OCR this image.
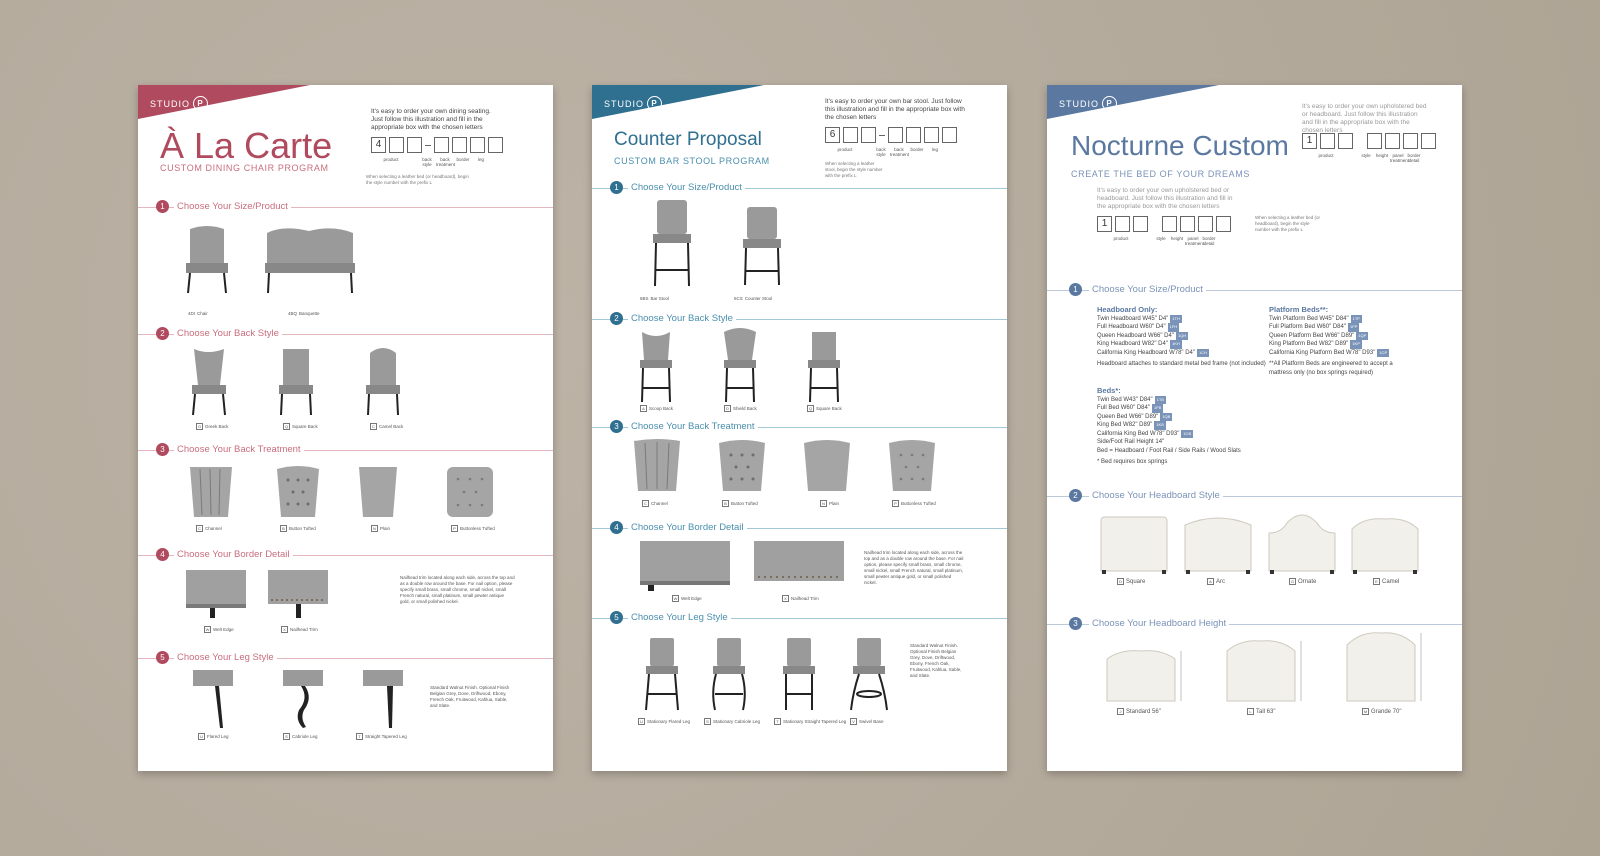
STUDIO P
À La Carte
CUSTOM DINING CHAIR PROGRAM
It's easy to order your own dining seating. Just follow this illustration and fill in the appropriate box with the chosen letters
4
product	back style
back treatment
border	leg
When selecting a leather bed (or headboard), begin the style number with the prefix L
1	Choose Your Size/Product
2	Choose Your Back Style
3	Choose Your Back Treatment
4	Choose Your Border Detail
5	Choose Your Leg Style
4DI Chair	4BQ Banquette
G Greek Back	Q Square Back	C Camel Back
C Channel	B Button Tufted	N Plain	P Buttonless Tufted
W Welt Edge	X Nailhead Trim
Nailhead trim located along each side, across the top and as a double row around the base. For nail option, please specify small brass, small chrome, small nickel, small French natural, small platinum, small pewter antique gold, or small polished nickel.
U Flared Leg	S Cabriole Leg	T Straight Tapered Leg
Standard Walnut Finish. Optional Finish Belgian Grey, Dove, Driftwood, Ebony, French Oak, Fruitwood, Kahlua, Sable, and Slate.
STUDIO P
Counter Proposal
CUSTOM BAR STOOL PROGRAM
It's easy to order your own bar stool. Just follow this illustration and fill in the appropriate box with the chosen letters
6
product	back style
back treatment
border	leg
When selecting a leather stool, begin the style number with the prefix L
1	Choose Your Size/Product
2	Choose Your Back Style
3	Choose Your Back Treatment
4	Choose Your Border Detail
5	Choose Your Leg Style
6BS Bar Stool	6CS Counter Stool
A Scoop Back	D Shield Back	Q Square Back
C Channel	B Button Tufted	N Plain	P Buttonless Tufted
W Welt Edge	X Nailhead Trim
Nailhead trim located along each side, across the top and as a double row around the base. For nail option, please specify small brass, small chrome, small nickel, small French natural, small platinum, small pewter antique gold, or small polished nickel.
U Stationary Flared Leg	S Stationary Cabriole Leg	T Stationary Straight Tapered Leg	V Swivel Base
Standard Walnut Finish. Optional Finish Belgian Grey, Dove, Driftwood, Ebony, French Oak, Fruitwood, Kahlua, Sable, and Slate.
STUDIO P
Nocturne Custom
CREATE THE BED OF YOUR DREAMS
It's easy to order your own upholstered bed or headboard. Just follow this illustration and fill in the appropriate box with the chosen letters
1
product	style	height panel treatment
border detail
It's easy to order your own upholstered bed or headboard. Just follow this illustration and fill in the appropriate box with the chosen letters
1
product	style	height panel treatment
border detail
When selecting a leather bed (or headboard), begin the style number with the prefix L
1	Choose Your Size/Product
2	Choose Your Headboard Style
3	Choose Your Headboard Height
Headboard Only:
Twin Headboard W45" D4" 1TH
Full Headboard W60" D4" 1FH
Queen Headboard W66" D4" 1QH
King Headboard W82" D4" 1KH
California King Headboard W78" D4" 1CH
Headboard attaches to standard metal bed frame (not included)
Platform Beds**:
Twin Platform Bed W45" D84" 1TP
Full Platform Bed W60" D84" 1FP
Queen Platform Bed W66" D89" 1QP
King Platform Bed W82" D89" 1KP
California King Platform Bed W78" D93" 1CP
**All Platform Beds are engineered to accept a mattress only (no box springs required)
Beds*:
Twin Bed W43" D84" 1TB
Full Bed W60" D84" 1FB
Queen Bed W66" D89" 1QB
King Bed W82" D89" 1KB
California King Bed W78" D93" 1CB
Side/Foot Rail Height 14"
Bed = Headboard / Foot Rail / Side Rails / Wood Slats
* Bed requires box springs
D Square	A Arc	G Ornate	E Camel
J Standard 56"	L Tall 63"	M Grande 70"
